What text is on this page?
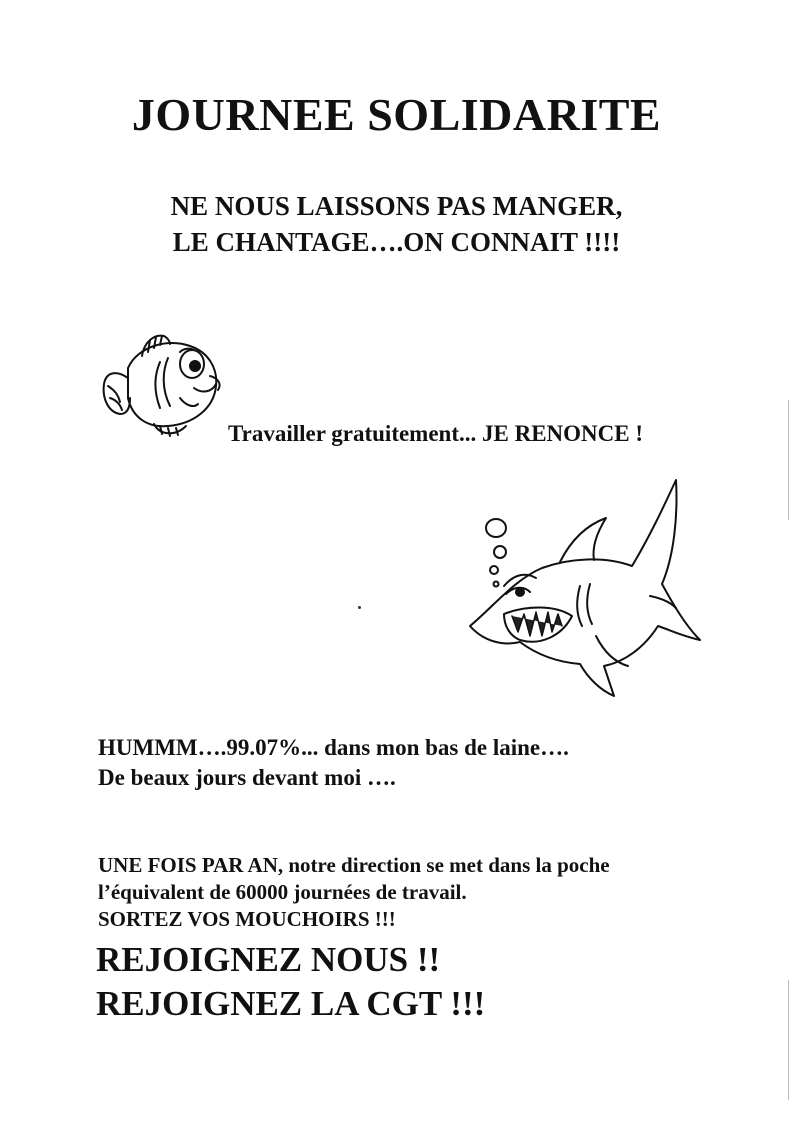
JOURNEE SOLIDARITE
NE NOUS LAISSONS PAS MANGER,
LE CHANTAGE….ON CONNAIT !!!!
Travailler gratuitement... JE RENONCE !
HUMMM….99.07%... dans mon bas de laine….
De beaux jours devant moi ….
UNE FOIS PAR AN, notre direction se met dans la poche
l’équivalent de 60000 journées de travail.
SORTEZ VOS MOUCHOIRS !!!
REJOIGNEZ NOUS !!
REJOIGNEZ LA CGT !!!
